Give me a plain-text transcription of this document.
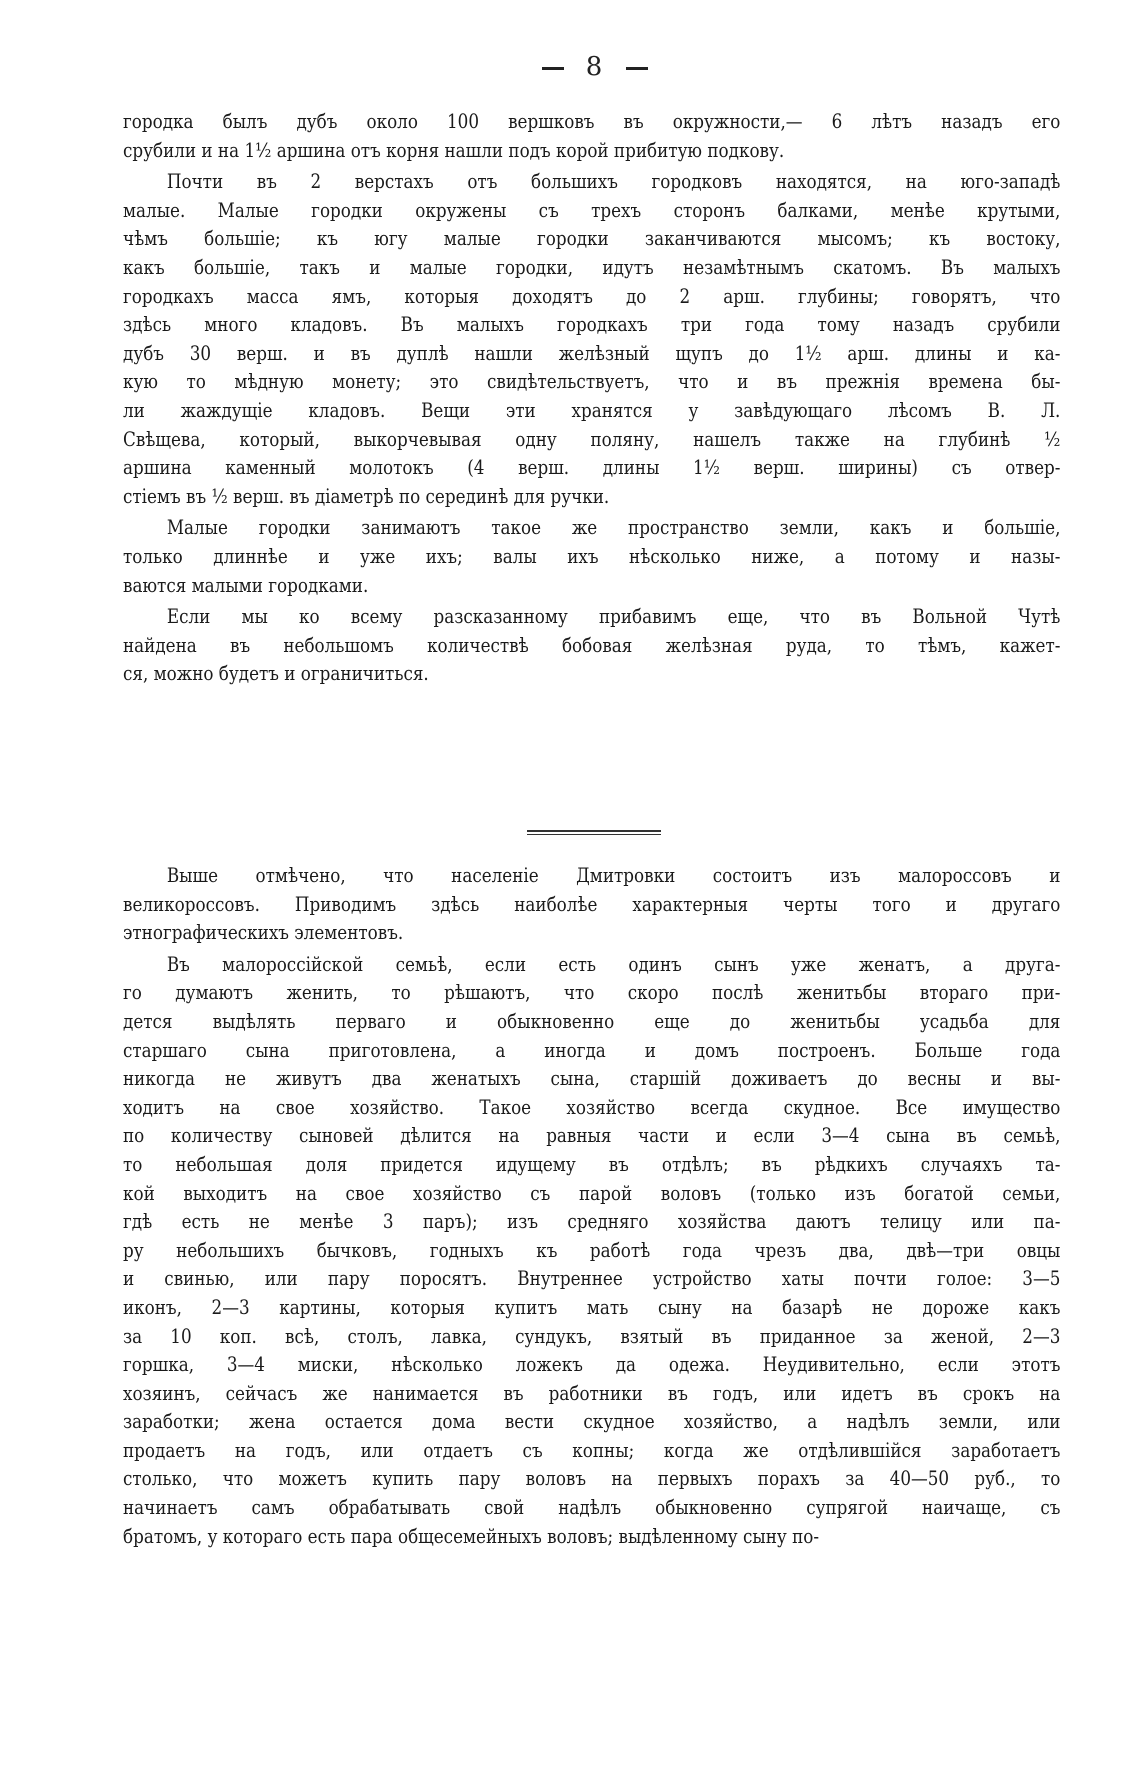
8
городка былъ дубъ около 100 вершковъ въ окружности,— 6 лѣтъ назадъ его
срубили и на 1½ аршина отъ корня нашли подъ корой прибитую подкову.
Почти въ 2 верстахъ отъ большихъ городковъ находятся, на юго-западѣ
малые. Малые городки окружены съ трехъ сторонъ балками, менѣе крутыми,
чѣмъ большіе; къ югу малые городки заканчиваются мысомъ; къ востоку,
какъ большіе, такъ и малые городки, идутъ незамѣтнымъ скатомъ. Въ малыхъ
городкахъ масса ямъ, которыя доходятъ до 2 арш. глубины; говорятъ, что
здѣсь много кладовъ. Въ малыхъ городкахъ три года тому назадъ срубили
дубъ 30 верш. и въ дуплѣ нашли желѣзный щупъ до 1½ арш. длины и ка-
кую то мѣдную монету; это свидѣтельствуетъ, что и въ прежнія времена бы-
ли жаждущіе кладовъ. Вещи эти хранятся у завѣдующаго лѣсомъ В. Л.
Свѣщева, который, выкорчевывая одну поляну, нашелъ также на глубинѣ ½
аршина каменный молотокъ (4 верш. длины 1½ верш. ширины) съ отвер-
стіемъ въ ½ верш. въ діаметрѣ по серединѣ для ручки.
Малые городки занимаютъ такое же пространство земли, какъ и большіе,
только длиннѣе и уже ихъ; валы ихъ нѣсколько ниже, а потому и назы-
ваются малыми городками.
Если мы ко всему разсказанному прибавимъ еще, что въ Вольной Чутѣ
найдена въ небольшомъ количествѣ бобовая желѣзная руда, то тѣмъ, кажет-
ся, можно будетъ и ограничиться.
Выше отмѣчено, что населеніе Дмитровки состоитъ изъ малороссовъ и
великороссовъ. Приводимъ здѣсь наиболѣе характерныя черты того и другаго
этнографическихъ элементовъ.
Въ малороссійской семьѣ, если есть одинъ сынъ уже женатъ, а друга-
го думаютъ женить, то рѣшаютъ, что скоро послѣ женитьбы втораго при-
дется выдѣлять перваго и обыкновенно еще до женитьбы усадьба для
старшаго сына приготовлена, а иногда и домъ построенъ. Больше года
никогда не живутъ два женатыхъ сына, старшій доживаетъ до весны и вы-
ходитъ на свое хозяйство. Такое хозяйство всегда скудное. Все имущество
по количеству сыновей дѣлится на равныя части и если 3—4 сына въ семьѣ,
то небольшая доля придется идущему въ отдѣлъ; въ рѣдкихъ случаяхъ та-
кой выходитъ на свое хозяйство съ парой воловъ (только изъ богатой семьи,
гдѣ есть не менѣе 3 паръ); изъ средняго хозяйства даютъ телицу или па-
ру небольшихъ бычковъ, годныхъ къ работѣ года чрезъ два, двѣ—три овцы
и свинью, или пару поросятъ. Внутреннее устройство хаты почти голое: 3—5
иконъ, 2—3 картины, которыя купитъ мать сыну на базарѣ не дороже какъ
за 10 коп. всѣ, столъ, лавка, сундукъ, взятый въ приданное за женой, 2—3
горшка, 3—4 миски, нѣсколько ложекъ да одежа. Неудивительно, если этотъ
хозяинъ, сейчасъ же нанимается въ работники въ годъ, или идетъ въ срокъ на
заработки; жена остается дома вести скудное хозяйство, а надѣлъ земли, или
продаетъ на годъ, или отдаетъ съ копны; когда же отдѣлившійся заработаетъ
столько, что можетъ купить пару воловъ на первыхъ порахъ за 40—50 руб., то
начинаетъ самъ обрабатывать свой надѣлъ обыкновенно супрягой наичаще, съ
братомъ, у котораго есть пара общесемейныхъ воловъ; выдѣленному сыну по-
